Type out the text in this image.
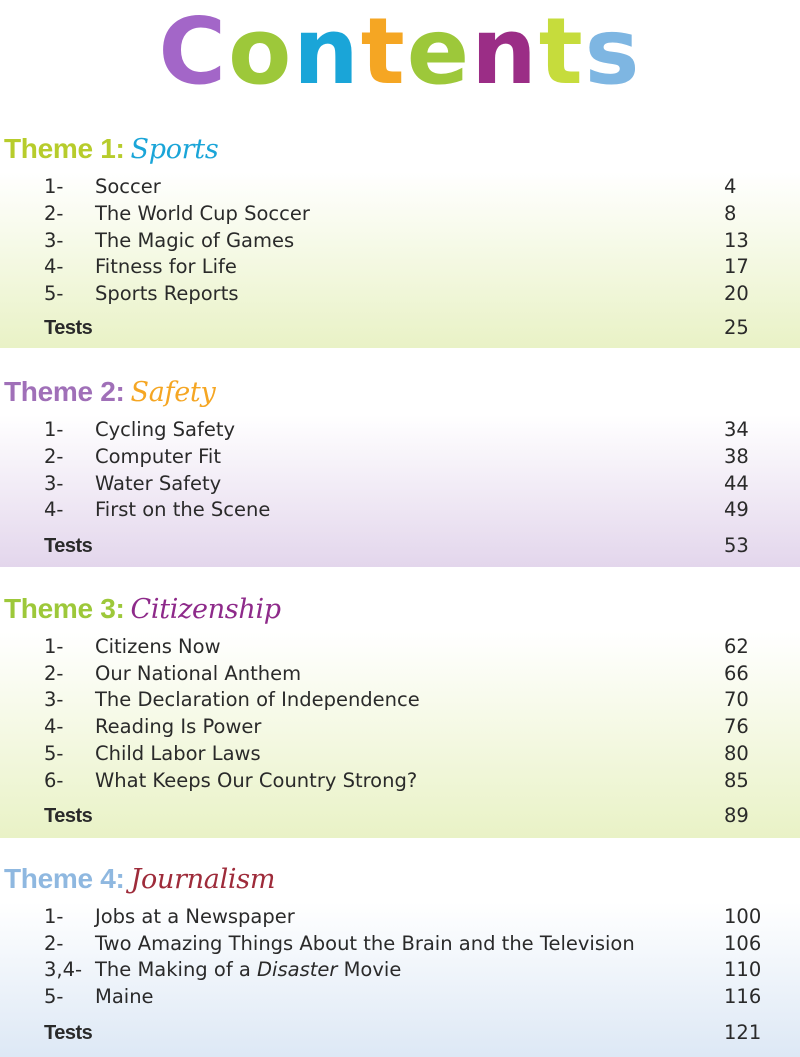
Contents
Theme 1: Sports
1- Soccer	4
2- The World Cup Soccer	8
3- The Magic of Games	13
4- Fitness for Life	17
5- Sports Reports	20
Tests	25
Theme 2: Safety
1- Cycling Safety	34
2- Computer Fit	38
3- Water Safety	44
4- First on the Scene	49
Tests	53
Theme 3: Citizenship
1- Citizens Now	62
2- Our National Anthem	66
3- The Declaration of Independence	70
4- Reading Is Power	76
5- Child Labor Laws	80
6- What Keeps Our Country Strong?	85
Tests	89
Theme 4: Journalism
1- Jobs at a Newspaper	100
2- Two Amazing Things About the Brain and the Television	106
3,4- The Making of a Disaster Movie	110
5- Maine	116
Tests	121
